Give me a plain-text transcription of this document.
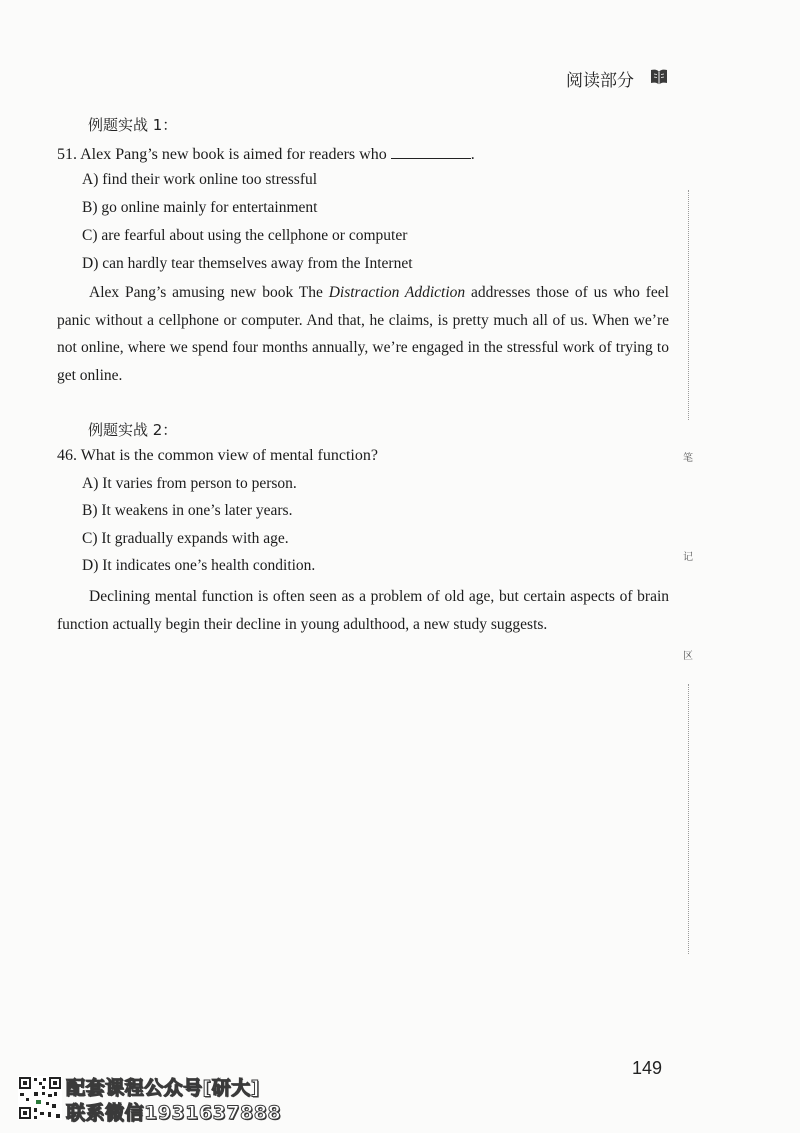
阅读部分
例题实战 1：
51. Alex Pang’s new book is aimed for readers who	.
A) find their work online too stressful
B) go online mainly for entertainment
C) are fearful about using the cellphone or computer
D) can hardly tear themselves away from the Internet
Alex Pang’s amusing new book The Distraction Addiction addresses those of us who feel panic without a cellphone or computer. And that, he claims, is pretty much all of us. When we’re not online, where we spend four months annually, we’re engaged in the stressful work of trying to get online.
例题实战 2：
46. What is the common view of mental function?
A) It varies from person to person.
B) It weakens in one’s later years.
C) It gradually expands with age.
D) It indicates one’s health condition.
Declining mental function is often seen as a problem of old age, but certain aspects of brain function actually begin their decline in young adulthood, a new study suggests.
笔
记
区
149
配套课程公众号[研大]
联系微信1931637888
